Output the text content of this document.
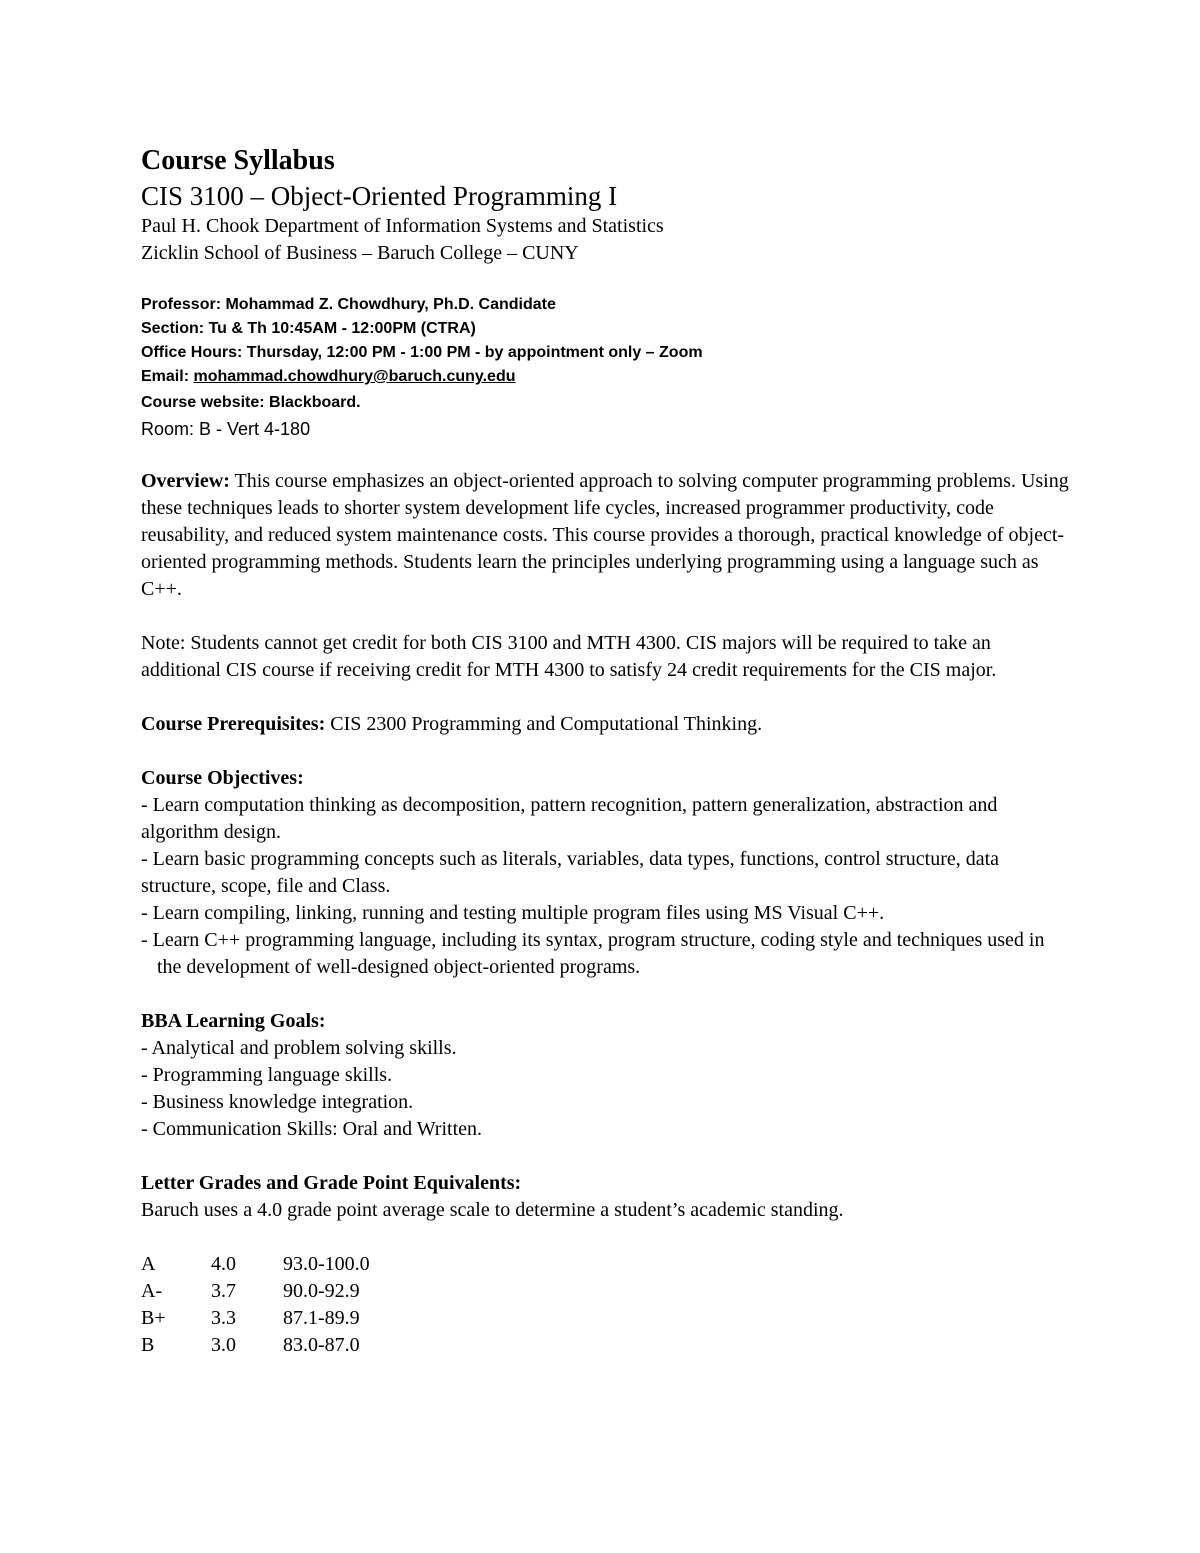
Course Syllabus
CIS 3100 – Object-Oriented Programming I
Paul H. Chook Department of Information Systems and Statistics
Zicklin School of Business – Baruch College – CUNY
Professor: Mohammad Z. Chowdhury, Ph.D. Candidate
Section: Tu & Th 10:45AM - 12:00PM (CTRA)
Office Hours: Thursday, 12:00 PM - 1:00 PM - by appointment only – Zoom
Email: mohammad.chowdhury@baruch.cuny.edu
Course website: Blackboard.
Room: B - Vert 4-180
Overview: This course emphasizes an object-oriented approach to solving computer programming problems. Using these techniques leads to shorter system development life cycles, increased programmer productivity, code reusability, and reduced system maintenance costs. This course provides a thorough, practical knowledge of object-oriented programming methods. Students learn the principles underlying programming using a language such as C++.
Note: Students cannot get credit for both CIS 3100 and MTH 4300. CIS majors will be required to take an additional CIS course if receiving credit for MTH 4300 to satisfy 24 credit requirements for the CIS major.
Course Prerequisites: CIS 2300 Programming and Computational Thinking.
Course Objectives:
- Learn computation thinking as decomposition, pattern recognition, pattern generalization, abstraction and algorithm design.
- Learn basic programming concepts such as literals, variables, data types, functions, control structure, data structure, scope, file and Class.
- Learn compiling, linking, running and testing multiple program files using MS Visual C++.
- Learn C++ programming language, including its syntax, program structure, coding style and techniques used in the development of well-designed object-oriented programs.
BBA Learning Goals:
- Analytical and problem solving skills.
- Programming language skills.
- Business knowledge integration.
- Communication Skills: Oral and Written.
Letter Grades and Grade Point Equivalents:
Baruch uses a 4.0 grade point average scale to determine a student’s academic standing.
A	4.0	93.0-100.0
A-	3.7	90.0-92.9
B+	3.3	87.1-89.9
B	3.0	83.0-87.0
